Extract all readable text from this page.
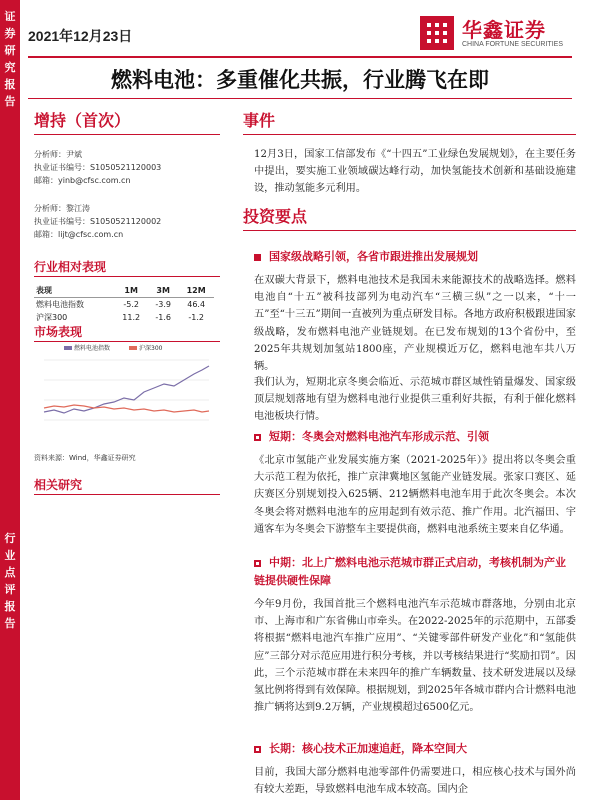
证
券
研
究
报
告
行
业
点
评
报
告
2021年12月23日	华鑫证券
CHINA FORTUNE SECURITIES
燃料电池：多重催化共振，行业腾飞在即
增持（首次）
分析师：尹斌
执业证书编号：S1050521120003
邮箱：yinb@cfsc.com.cn
分析师：黎江涛
执业证书编号：S1050521120002
邮箱：lijt@cfsc.com.cn
行业相对表现
表现	1M	3M	12M
燃料电池指数	-5.2	-3.9	46.4
沪深300	11.2	-1.6	-1.2
市场表现
燃料电池指数	沪深300
资料来源：Wind，华鑫证券研究
相关研究
事件
12月3日，国家工信部发布《“十四五”工业绿色发展规划》，在主要任务中提出，要实施工业领域碳达峰行动，加快氢能技术创新和基础设施建设，推动氢能多元利用。
投资要点
国家级战略引领，各省市跟进推出发展规划
在双碳大背景下，燃料电池技术是我国未来能源技术的战略选择。燃料电池自“十五”被科技部列为电动汽车“三横三纵”之一以来，“十一五”至“十三五”期间一直被列为重点研发目标。各地方政府积极跟进国家级战略，发布燃料电池产业链规划。在已发布规划的13个省份中，至2025年共规划加氢站1800座，产业规模近万亿，燃料电池车共八万辆。
我们认为，短期北京冬奥会临近、示范城市群区域性销量爆发、国家级顶层规划落地有望为燃料电池行业提供三重利好共振，有利于催化燃料电池板块行情。
短期：冬奥会对燃料电池汽车形成示范、引领
《北京市氢能产业发展实施方案（2021-2025年）》提出将以冬奥会重大示范工程为依托，推广京津冀地区氢能产业链发展。张家口赛区、延庆赛区分别规划投入625辆、212辆燃料电池车用于此次冬奥会。本次冬奥会将对燃料电池车的应用起到有效示范、推广作用。北汽福田、宇通客车为冬奥会下游整车主要提供商，燃料电池系统主要来自亿华通。
中期：北上广燃料电池示范城市群正式启动，考核机制为产业链提供硬性保障
今年9月份，我国首批三个燃料电池汽车示范城市群落地，分别由北京市、上海市和广东省佛山市牵头。在2022-2025年的示范期中，五部委将根据“燃料电池汽车推广应用”、“关键零部件研发产业化”和“氢能供应”三部分对示范应用进行积分考核，并以考核结果进行“奖励扣罚”。因此，三个示范城市群在未来四年的推广车辆数量、技术研发进展以及绿氢比例将得到有效保障。根据规划，到2025年各城市群内合计燃料电池推广辆将达到9.2万辆，产业规模超过6500亿元。
长期：核心技术正加速追赶，降本空间大
目前，我国大部分燃料电池零部件仍需要进口，相应核心技术与国外尚有较大差距，导致燃料电池车成本较高。国内企
